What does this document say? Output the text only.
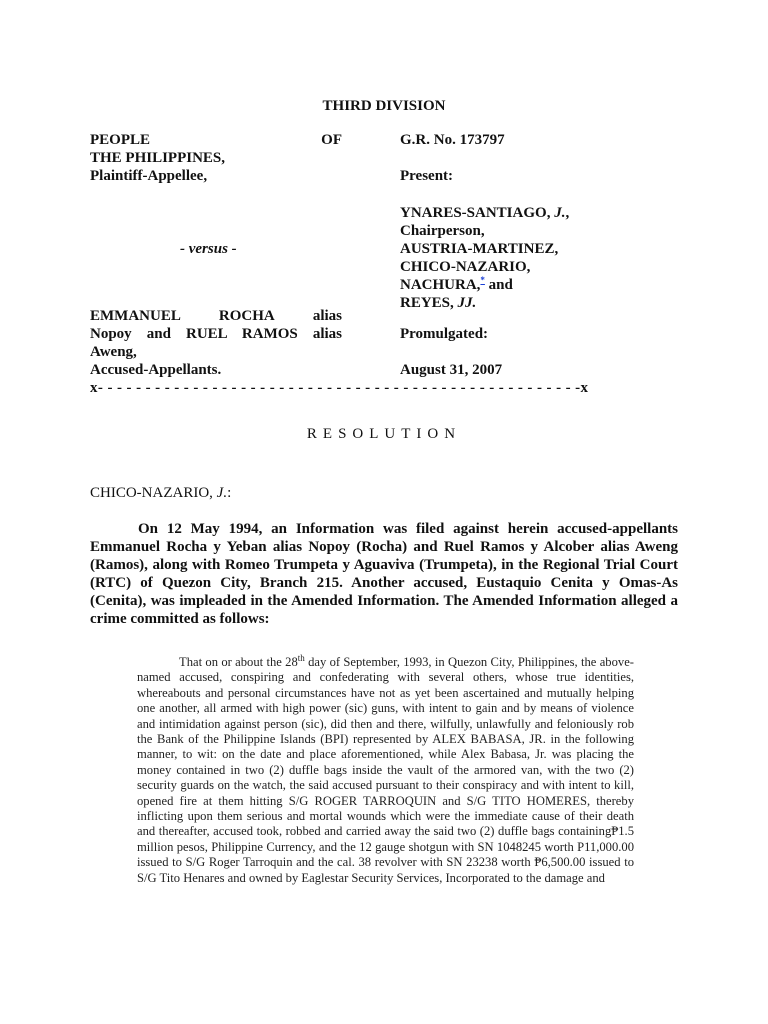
THIRD DIVISION
PEOPLE	OF
THE PHILIPPINES,
Plaintiff-Appellee,
- versus -
EMMANUEL	ROCHA	alias
Nopoy and RUEL RAMOS alias
Aweng,
Accused-Appellants.
G.R. No. 173797
Present:
YNARES-SANTIAGO, J.,
Chairperson,
AUSTRIA-MARTINEZ,
CHICO-NAZARIO,
NACHURA,* and
REYES, JJ.
Promulgated:
August 31, 2007
x- - - - - - - - - - - - - - - - - - - - - - - - - - - - - - - - - - - - - - - - - - - - - - - - - - -x
RESOLUTION
CHICO-NAZARIO, J.:
On 12 May 1994, an Information was filed against herein accused-appellants Emmanuel Rocha y Yeban alias Nopoy (Rocha) and Ruel Ramos y Alcober alias Aweng (Ramos), along with Romeo Trumpeta y Aguaviva (Trumpeta), in the Regional Trial Court (RTC) of Quezon City, Branch 215. Another accused, Eustaquio Cenita y Omas-As (Cenita), was impleaded in the Amended Information. The Amended Information alleged a crime committed as follows:
That on or about the 28th day of September, 1993, in Quezon City, Philippines, the above-named accused, conspiring and confederating with several others, whose true identities, whereabouts and personal circumstances have not as yet been ascertained and mutually helping one another, all armed with high power (sic) guns, with intent to gain and by means of violence and intimidation against person (sic), did then and there, wilfully, unlawfully and feloniously rob the Bank of the Philippine Islands (BPI) represented by ALEX BABASA, JR. in the following manner, to wit: on the date and place aforementioned, while Alex Babasa, Jr. was placing the money contained in two (2) duffle bags inside the vault of the armored van, with the two (2) security guards on the watch, the said accused pursuant to their conspiracy and with intent to kill, opened fire at them hitting S/G ROGER TARROQUIN and S/G TITO HOMERES, thereby inflicting upon them serious and mortal wounds which were the immediate cause of their death and thereafter, accused took, robbed and carried away the said two (2) duffle bags containing₱1.5 million pesos, Philippine Currency, and the 12 gauge shotgun with SN 1048245 worth P11,000.00 issued to S/G Roger Tarroquin and the cal. 38 revolver with SN 23238 worth ₱6,500.00 issued to S/G Tito Henares and owned by Eaglestar Security Services, Incorporated to the damage and
